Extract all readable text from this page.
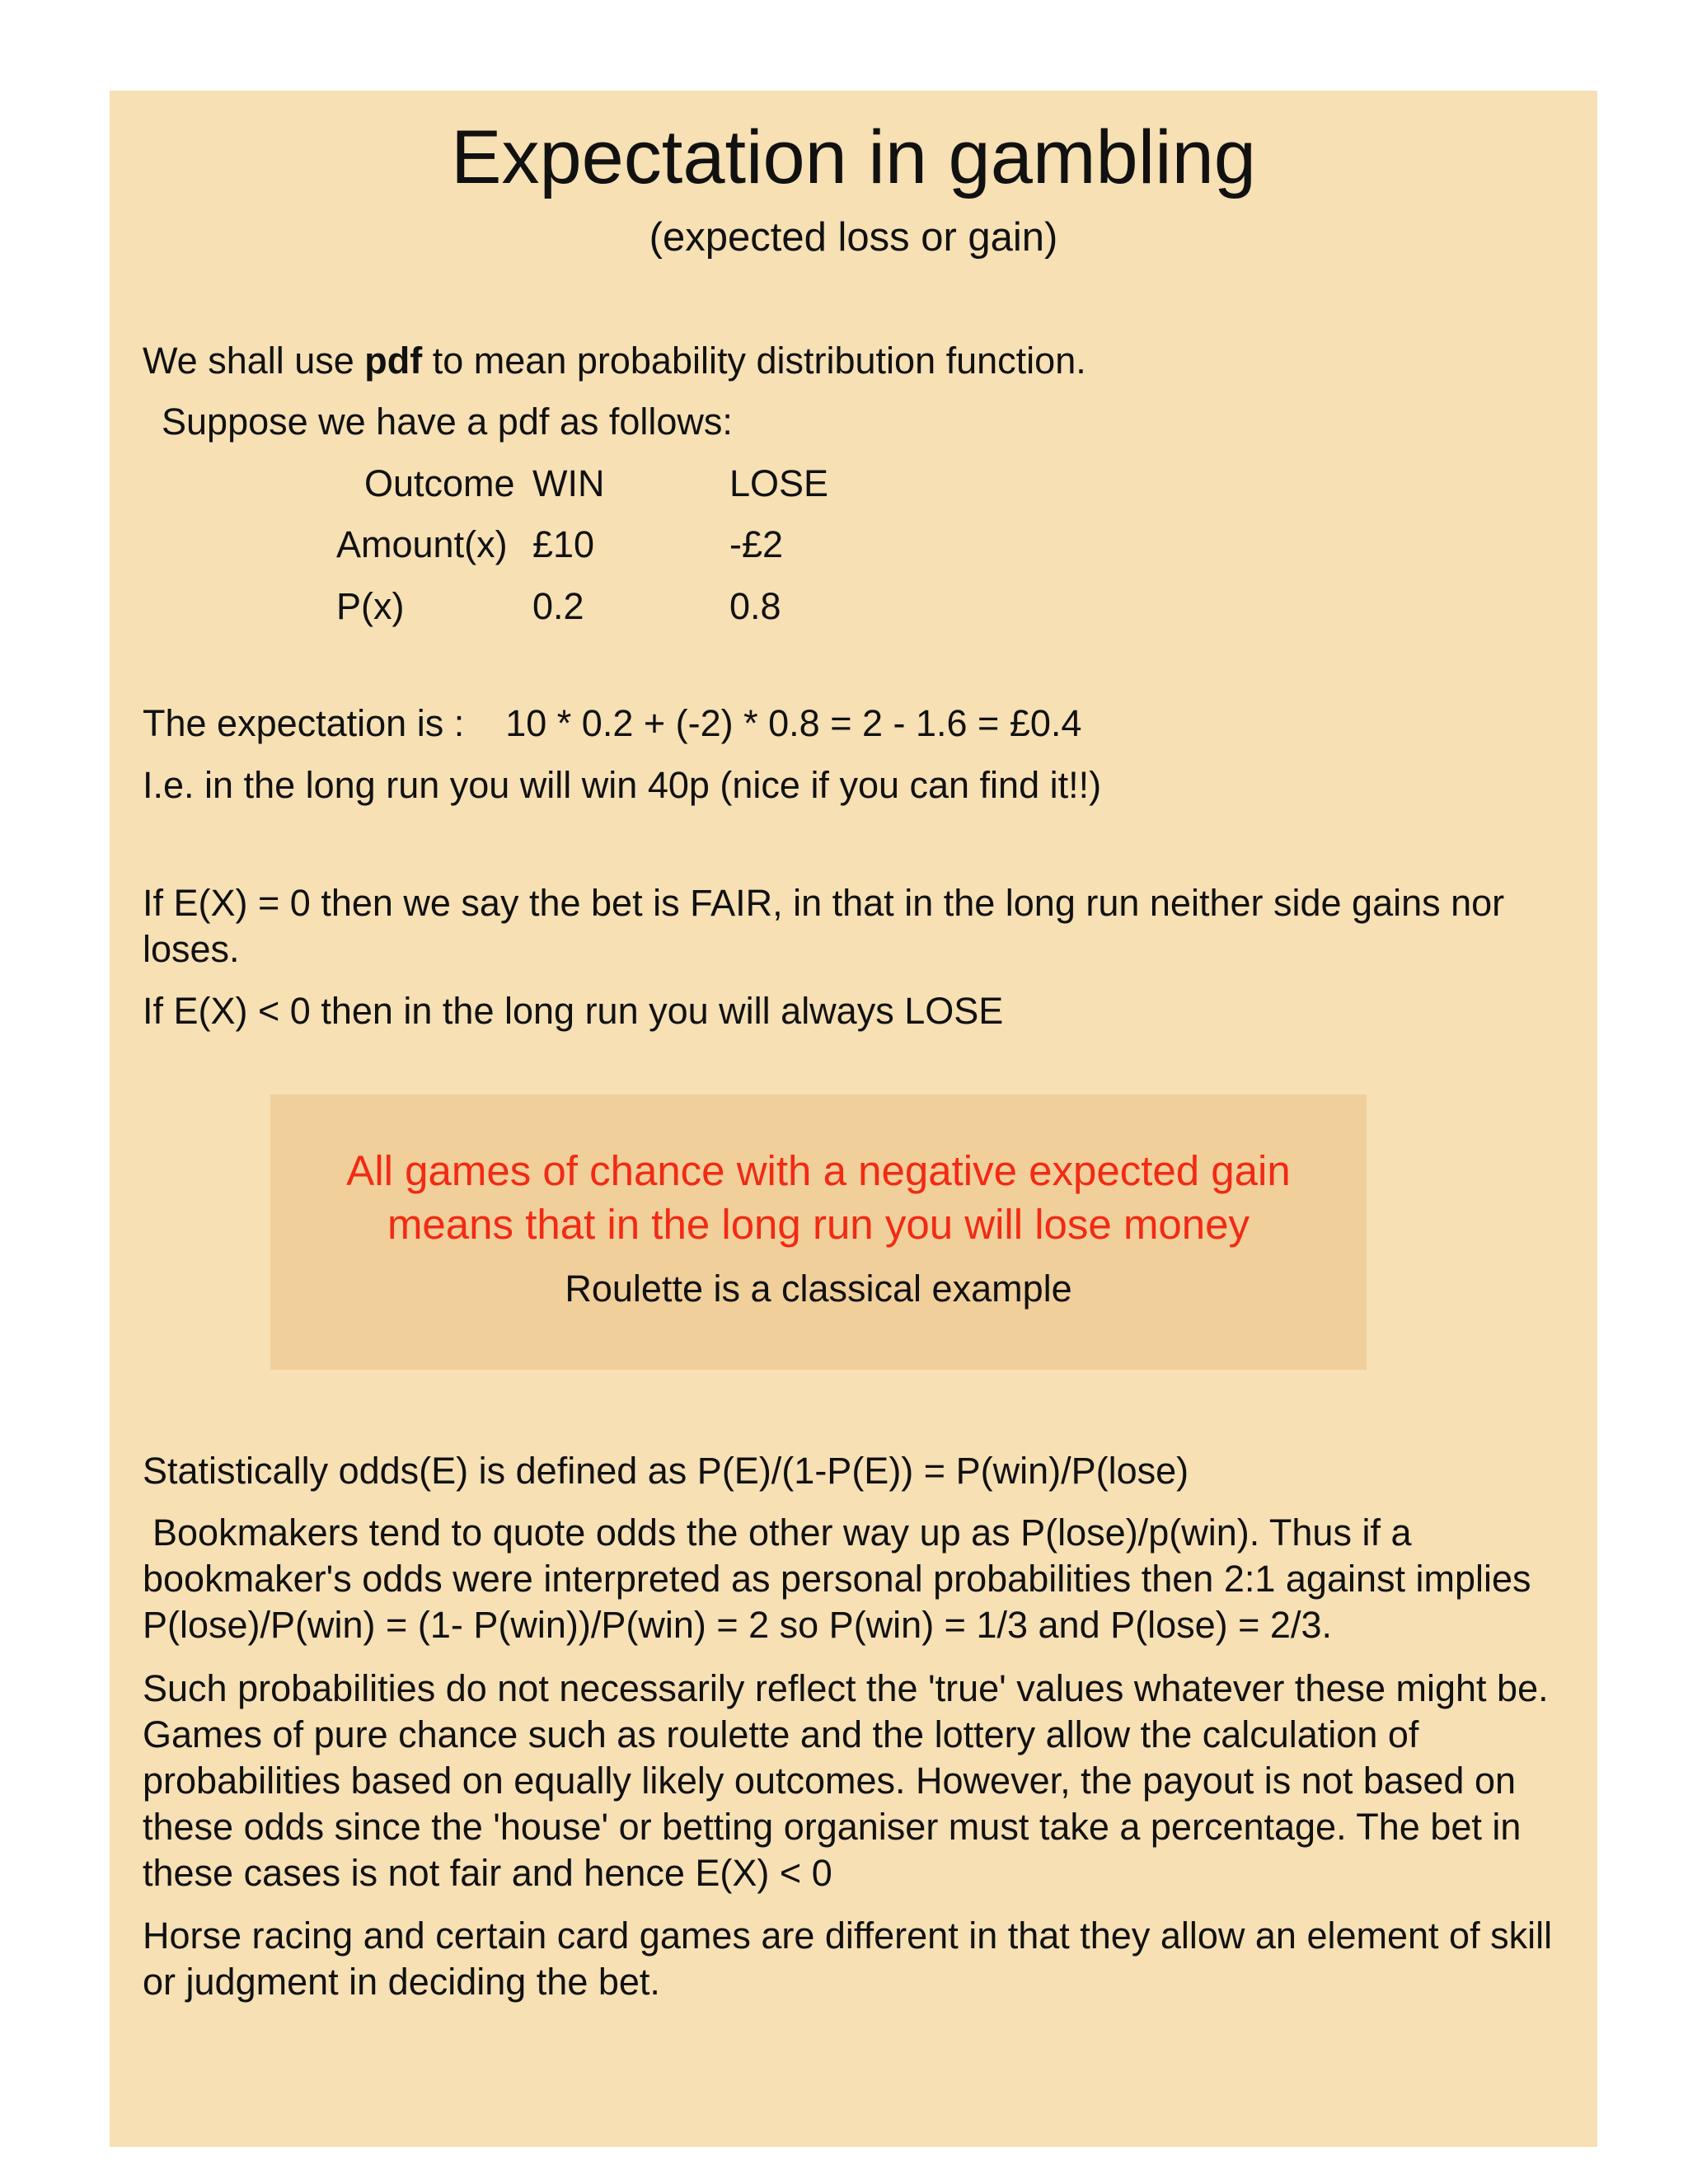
Expectation in gambling
(expected loss or gain)
We shall use pdf to mean probability distribution function.
Suppose we have a pdf as follows:
Outcome WIN	LOSE
Amount(x) £10	-£2
P(x)	0.2	0.8
The expectation is : 10 * 0.2 + (-2) * 0.8 = 2 - 1.6 = £0.4
I.e. in the long run you will win 40p (nice if you can find it!!)
If E(X) = 0 then we say the bet is FAIR, in that in the long run neither side gains nor loses.
If E(X) < 0 then in the long run you will always LOSE
All games of chance with a negative expected gain
means that in the long run you will lose money
Roulette is a classical example
Statistically odds(E) is defined as P(E)/(1-P(E)) = P(win)/P(lose)
Bookmakers tend to quote odds the other way up as P(lose)/p(win). Thus if a bookmaker's odds were interpreted as personal probabilities then 2:1 against implies P(lose)/P(win) = (1- P(win))/P(win) = 2 so P(win) = 1/3 and P(lose) = 2/3.
Such probabilities do not necessarily reflect the 'true' values whatever these might be. Games of pure chance such as roulette and the lottery allow the calculation of probabilities based on equally likely outcomes. However, the payout is not based on these odds since the 'house' or betting organiser must take a percentage. The bet in these cases is not fair and hence E(X) < 0
Horse racing and certain card games are different in that they allow an element of skill or judgment in deciding the bet.
